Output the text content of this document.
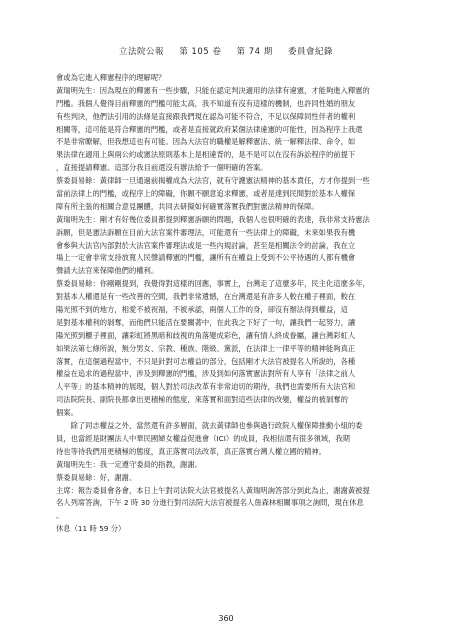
立法院公報 第 105 卷 第 74 期 委員會紀錄
會或為它進入釋憲程序的理解呢？
黃瑞明先生：因為現在的釋憲有一些步驟，只能在認定判決適用的法律有違憲，才能夠進入釋憲的
門檻。我個人覺得目前釋憲的門檻可能太高，我不知道有沒有這樣的機制，也許同性婚的朋友
有些判決，他們法引用的法條是直接跟我們現在認為可能不符合，不足以保障同性伴者的權利
相關等，這可能是符合釋憲的門檻，或者是直接就政府某個法律違憲的可能性，因為程序上我還
不是非常瞭解，但我想這也有可能。因為大法官的職權是解釋憲法、統一解釋法律、命令，如
果法律在適用上與兩公約或憲法原則基本上是相違背的，是不是可以在沒有訴訟程序的前提下
，直接提請釋憲。這部分我目前還沒有辦法給予一個明確的答案。
蔡委員易餘：黃律師一旦通過前揭權成為大法官，就有守護憲法精神的基本責任，方才你提到一些
當前法律上的門檻，或程序上的障礙，你願不願意追求釋憲，或者是達到民間對於基本人權保
障有所主張的相關合意見團體，共同去研擬如何確實落實我們對憲法精神的保障。
黃瑞明先生：剛才有好幾位委員都提到釋憲訴願的問題，我個人也很明確的表達，我非常支持憲法
訴願，但是憲法訴願在目前大法官案件審理法，可能還有一些法律上的障礙，未來如果我有機
會參與大法官內部對於大法官案件審理法或是一些內規討論，甚至是相關法令的討論，我在立
場上一定會非常支持放寬人民聲請釋憲的門檻，讓所有在權益上受到不公平待遇的人都有機會
聲請大法官來保障他們的權利。
蔡委員易餘：你剛剛提到，我覺得對這樣的回應，事實上，台灣走了這麼多年，民主化這麼多年，
對基本人權還是有一些改善的空間，我們非常遺憾，在台灣還是有許多人較在權子裡面，較在
陽光照不到的地方，相愛不被祝福，不被承認，兩個人工作的身，卻沒有辦法得到權益，這
是對基本權利的剝奪，而他們只能活在要關著中，在此我之下好了一句，讓我們一起努力，讓
陽光照到櫃子裡面，讓彩虹將黑暗和歧視的角落變成彩色，讓有情人終成眷屬，讓台灣彩虹人
如果法第七條所說，無分男女、宗教、種族、階級、黨派，在法律上一律平等的精神能夠真正
落實，在這個過程當中，不只是針對可志權益的部分，包括剛才大法官被提名人所說的，各種
權益在追求的過程當中，涉及到釋憲的門檻，涉及到如何落實憲法對所有人享有「法律之前人
人平等」的基本精神的展現，個人對於司法改革有非常迫切的期待，我們也需要所有大法官和
司法院院長、副院長都拿出更積極的態度，來落實和面對這些法律的改變，權益的被剝奪的
個案。
　　除了同志權益之外，當然還有許多層面，就去黃律師也參與過行政院人權保障推動小組的委
員，也當經是財團法人中華民國婦女權益促進會（ICI）的成員，我相信還有很多領域，我期
待也等待我們用更積極的態度，真正落實司法改革，真正落實台灣人權立國的精神。
黃瑞明先生：我一定遵守委員的指教，謝謝。
蔡委員易餘：好，謝謝。
主席：報告委員會各會，本日上午對司法院大法官被提名人黃瑞明詢答部分到此為止，謝謝黃被提
名人列席答詢，下午 2 時 30 分進行對司法院大法官被提名人詹森林相關事項之詢問，現在休息
。
休息（11 時 59 分）
360
